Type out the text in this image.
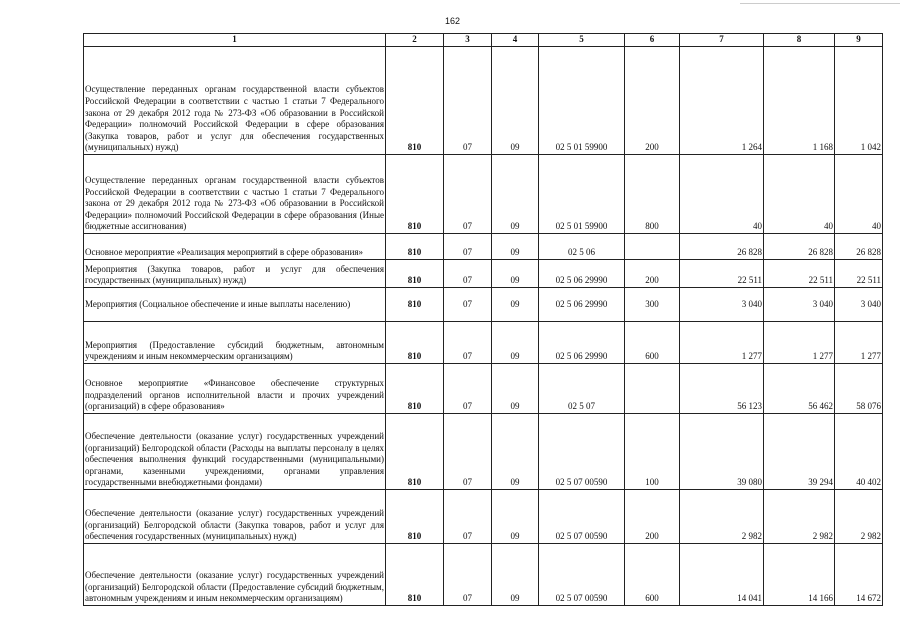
162
1	2	3	4	5	6	7	8	9
Осуществление переданных органам государственной власти субъектов Российской Федерации в соответствии с частью 1 статьи 7 Федерального закона от 29 декабря 2012 года № 273-ФЗ «Об образовании в Российской Федерации» полномочий Российской Федерации в сфере образования (Закупка товаров, работ и услуг для обеспечения государственных (муниципальных) нужд)	810	07	09	02 5 01 59900	200	1 264	1 168	1 042
Осуществление переданных органам государственной власти субъектов Российской Федерации в соответствии с частью 1 статьи 7 Федерального закона от 29 декабря 2012 года № 273-ФЗ «Об образовании в Российской Федерации» полномочий Российской Федерации в сфере образования (Иные бюджетные ассигнования)	810	07	09	02 5 01 59900	800	40	40	40
Основное мероприятие «Реализация мероприятий в сфере образования»	810	07	09	02 5 06		26 828	26 828	26 828
Мероприятия (Закупка товаров, работ и услуг для обеспечения государственных (муниципальных) нужд)	810	07	09	02 5 06 29990	200	22 511	22 511	22 511
Мероприятия (Социальное обеспечение и иные выплаты населению)	810	07	09	02 5 06 29990	300	3 040	3 040	3 040
Мероприятия (Предоставление субсидий бюджетным, автономным учреждениям и иным некоммерческим организациям)	810	07	09	02 5 06 29990	600	1 277	1 277	1 277
Основное мероприятие «Финансовое обеспечение структурных подразделений органов исполнительной власти и прочих учреждений (организаций) в сфере образования»	810	07	09	02 5 07		56 123	56 462	58 076
Обеспечение деятельности (оказание услуг) государственных учреждений (организаций) Белгородской области (Расходы на выплаты персоналу в целях обеспечения выполнения функций государственными (муниципальными) органами, казенными учреждениями, органами управления государственными внебюджетными фондами)	810	07	09	02 5 07 00590	100	39 080	39 294	40 402
Обеспечение деятельности (оказание услуг) государственных учреждений (организаций) Белгородской области (Закупка товаров, работ и услуг для обеспечения государственных (муниципальных) нужд)	810	07	09	02 5 07 00590	200	2 982	2 982	2 982
Обеспечение деятельности (оказание услуг) государственных учреждений (организаций) Белгородской области (Предоставление субсидий бюджетным, автономным учреждениям и иным некоммерческим организациям)	810	07	09	02 5 07 00590	600	14 041	14 166	14 672
